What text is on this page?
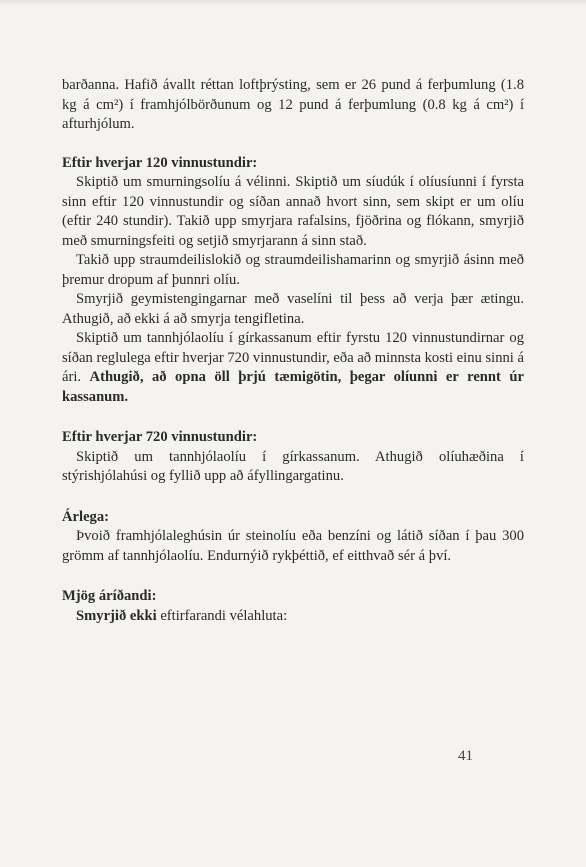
barðanna. Hafið ávallt réttan loftþrýsting, sem er 26 pund á ferþumlung (1.8 kg á cm²) í framhjólbörðunum og 12 pund á ferþumlung (0.8 kg á cm²) í afturhjólum.

Eftir hverjar 120 vinnustundir:

Skiptið um smurningsolíu á vélinni. Skiptið um síudúk í olíusíunni í fyrsta sinn eftir 120 vinnustundir og síðan annað hvort sinn, sem skipt er um olíu (eftir 240 stundir). Takið upp smyrjara rafalsins, fjöðrina og flókann, smyrjið með smurningsfeiti og setjið smyrjarann á sinn stað.

Takið upp straumdeilislokið og straumdeilishamarinn og smyrjið ásinn með þremur dropum af þunnri olíu.

Smyrjið geymistengingarnar með vaselíni til þess að verja þær ætingu. Athugið, að ekki á að smyrja tengifletina.

Skiptið um tannhjólaolíu í gírkassanum eftir fyrstu 120 vinnustundirnar og síðan reglulega eftir hverjar 720 vinnustundir, eða að minnsta kosti einu sinni á ári. Athugið, að opna öll þrjú tæmigötin, þegar olíunni er rennt úr kassanum.

Eftir hverjar 720 vinnustundir:

Skiptið um tannhjólaolíu í gírkassanum. Athugið olíuhæðina í stýrishjólahúsi og fyllið upp að áfyllingargatinu.

Árlega:

Þvoið framhjólaleghúsin úr steinolíu eða benzíni og látið síðan í þau 300 grömm af tannhjólaolíu. Endurnýið rykþéttið, ef eitthvað sér á því.

Mjög áríðandi:

Smyrjið ekki eftirfarandi vélahluta:

41
